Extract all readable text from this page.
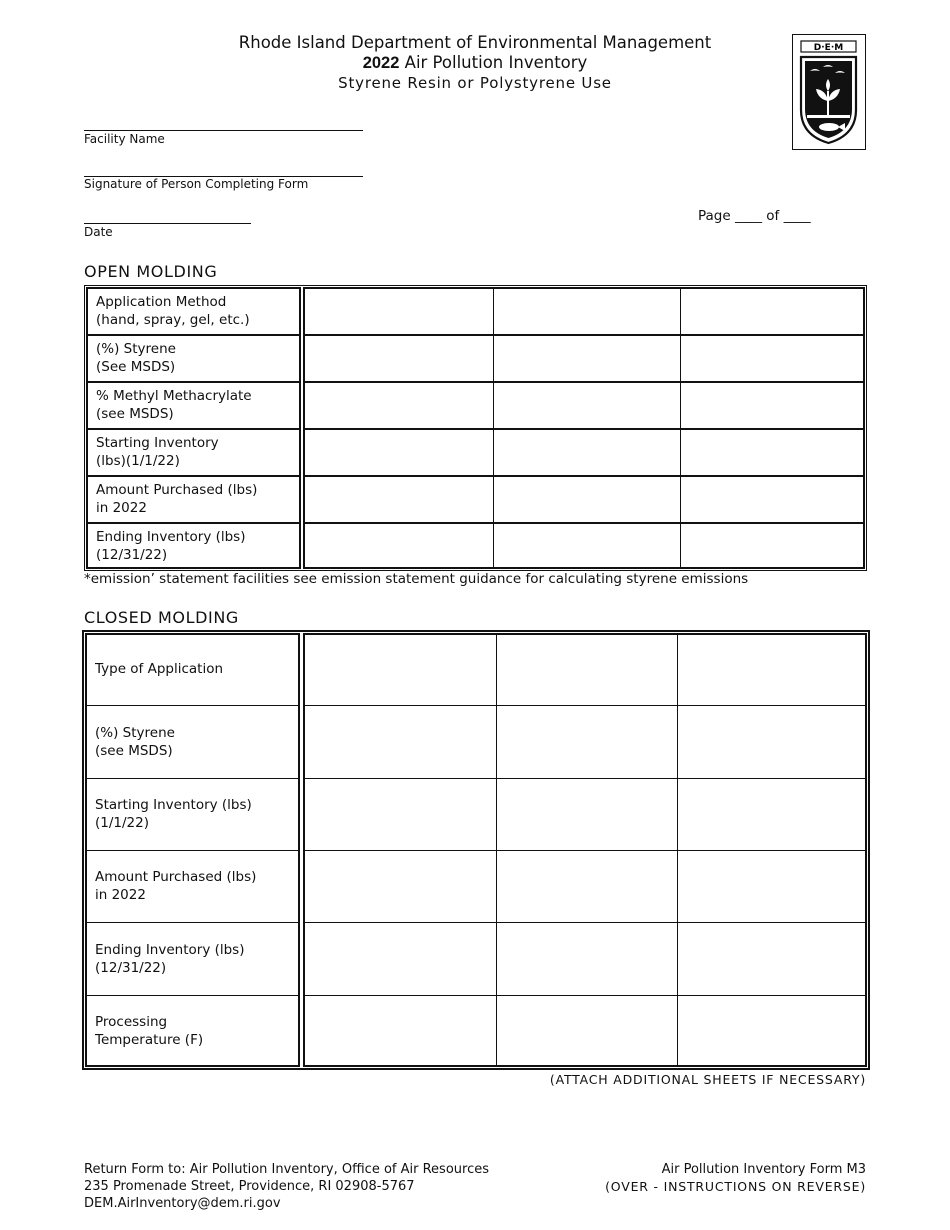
Rhode Island Department of Environmental Management
2022 Air Pollution Inventory
Styrene Resin or Polystyrene Use
D·E·M
Facility Name
Signature of Person Completing Form
Date
Page ____ of ____
OPEN MOLDING
Application Method
(hand, spray, gel, etc.)
(%) Styrene
(See MSDS)
% Methyl Methacrylate
(see MSDS)
Starting Inventory
(lbs)(1/1/22)
Amount Purchased (lbs)
in 2022
Ending Inventory (lbs)
(12/31/22)
*emission’ statement facilities see emission statement guidance for calculating styrene emissions
CLOSED MOLDING
Type of Application
(%) Styrene
(see MSDS)
Starting Inventory (lbs)
(1/1/22)
Amount Purchased (lbs)
in 2022
Ending Inventory (lbs)
(12/31/22)
Processing
Temperature (F)
(ATTACH ADDITIONAL SHEETS IF NECESSARY)
Return Form to: Air Pollution Inventory, Office of Air Resources
235 Promenade Street, Providence, RI 02908-5767
DEM.AirInventory@dem.ri.gov
Air Pollution Inventory Form M3
(OVER - INSTRUCTIONS ON REVERSE)
